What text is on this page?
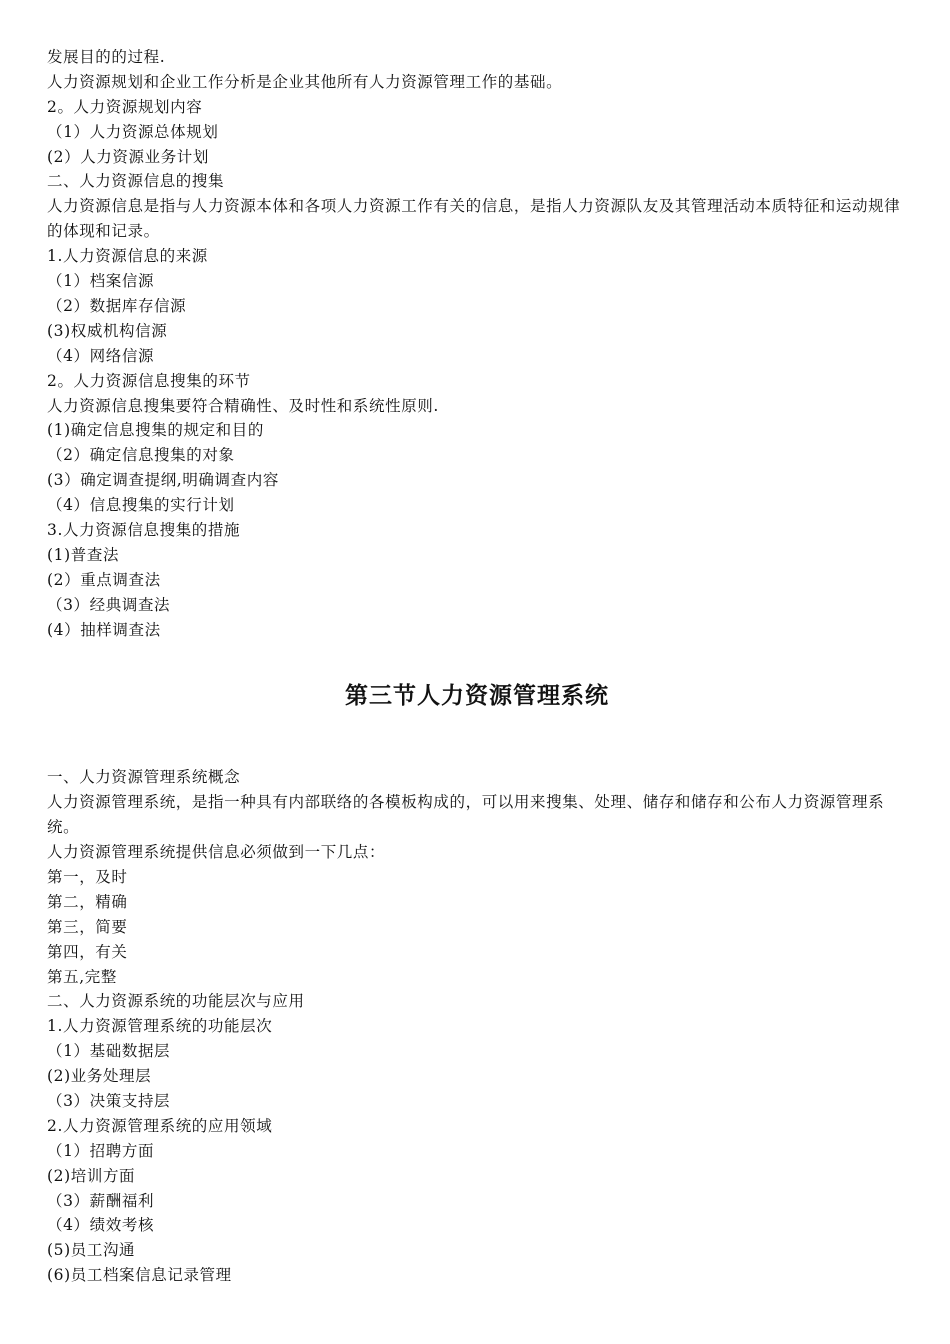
发展目的的过程.
人力资源规划和企业工作分析是企业其他所有人力资源管理工作的基础。
2。人力资源规划内容
（1）人力资源总体规划
(2）人力资源业务计划
二、人力资源信息的搜集
人力资源信息是指与人力资源本体和各项人力资源工作有关的信息，是指人力资源队友及其管理活动本质特征和运动规律的体现和记录。
1.人力资源信息的来源
（1）档案信源
（2）数据库存信源
(3)权威机构信源
（4）网络信源
2。人力资源信息搜集的环节
人力资源信息搜集要符合精确性、及时性和系统性原则.
(1)确定信息搜集的规定和目的
（2）确定信息搜集的对象
(3）确定调查提纲,明确调查内容
（4）信息搜集的实行计划
3.人力资源信息搜集的措施
(1)普查法
(2）重点调查法
（3）经典调查法
(4）抽样调查法
第三节人力资源管理系统
一、人力资源管理系统概念
人力资源管理系统，是指一种具有内部联络的各模板构成的，可以用来搜集、处理、储存和储存和公布人力资源管理系统。
人力资源管理系统提供信息必须做到一下几点：
第一，及时
第二，精确
第三，简要
第四，有关
第五,完整
二、人力资源系统的功能层次与应用
1.人力资源管理系统的功能层次
（1）基础数据层
(2)业务处理层
（3）决策支持层
2.人力资源管理系统的应用领域
（1）招聘方面
(2)培训方面
（3）薪酬福利
（4）绩效考核
(5)员工沟通
(6)员工档案信息记录管理
